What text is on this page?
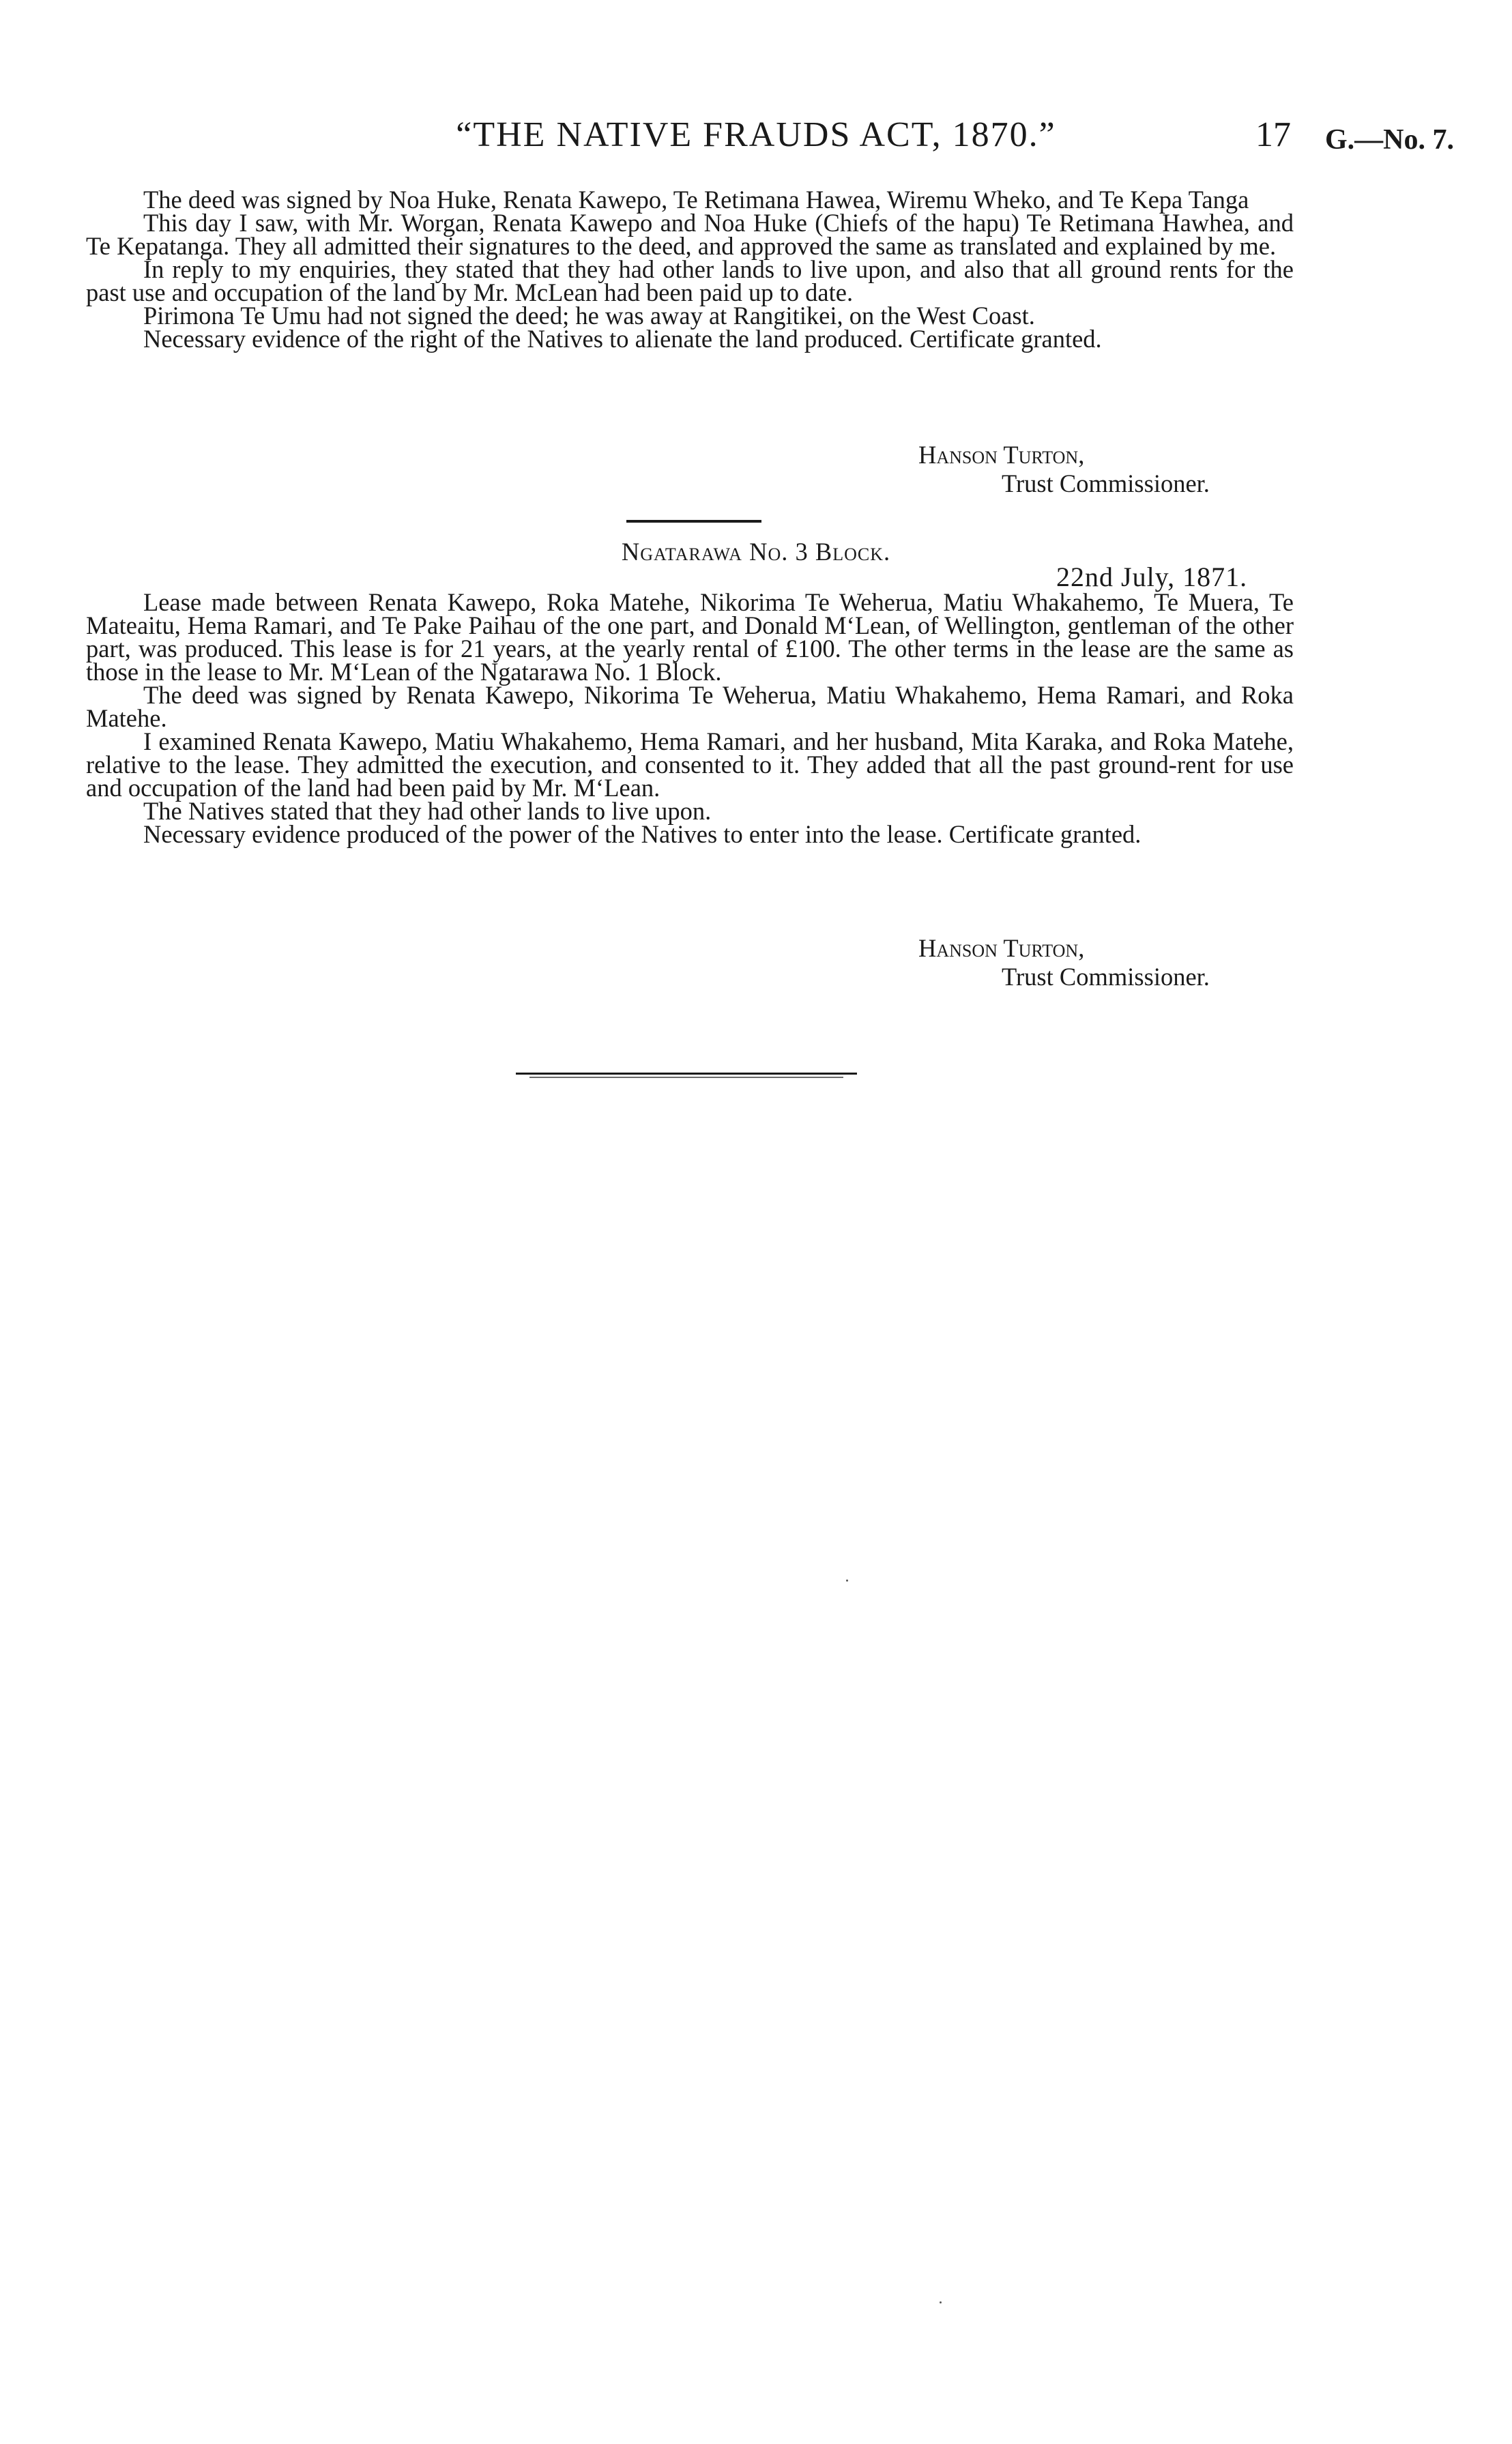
“THE NATIVE FRAUDS ACT, 1870.”	17 G.—No. 7.

The deed was signed by Noa Huke, Renata Kawepo, Te Retimana Hawea, Wiremu Wheko, and Te Kepa Tanga

This day I saw, with Mr. Worgan, Renata Kawepo and Noa Huke (Chiefs of the hapu) Te Retimana Hawhea, and Te Kepatanga. They all admitted their signatures to the deed, and approved the same as translated and explained by me.

In reply to my enquiries, they stated that they had other lands to live upon, and also that all ground rents for the past use and occupation of the land by Mr. McLean had been paid up to date.

Pirimona Te Umu had not signed the deed; he was away at Rangitikei, on the West Coast.

Necessary evidence of the right of the Natives to alienate the land produced. Certificate granted.

Hanson Turton,
Trust Commissioner.
Ngatarawa No. 3 Block.
22nd July, 1871.

Lease made between Renata Kawepo, Roka Matehe, Nikorima Te Weherua, Matiu Whakahemo, Te Muera, Te Mateaitu, Hema Ramari, and Te Pake Paihau of the one part, and Donald M‘Lean, of Wellington, gentleman of the other part, was produced. This lease is for 21 years, at the yearly rental of £100. The other terms in the lease are the same as those in the lease to Mr. M‘Lean of the Ngatarawa No. 1 Block.

The deed was signed by Renata Kawepo, Nikorima Te Weherua, Matiu Whakahemo, Hema Ramari, and Roka Matehe.

I examined Renata Kawepo, Matiu Whakahemo, Hema Ramari, and her husband, Mita Karaka, and Roka Matehe, relative to the lease. They admitted the execution, and consented to it. They added that all the past ground-rent for use and occupation of the land had been paid by Mr. M‘Lean.

The Natives stated that they had other lands to live upon.

Necessary evidence produced of the power of the Natives to enter into the lease. Certificate granted.

Hanson Turton,
Trust Commissioner.
